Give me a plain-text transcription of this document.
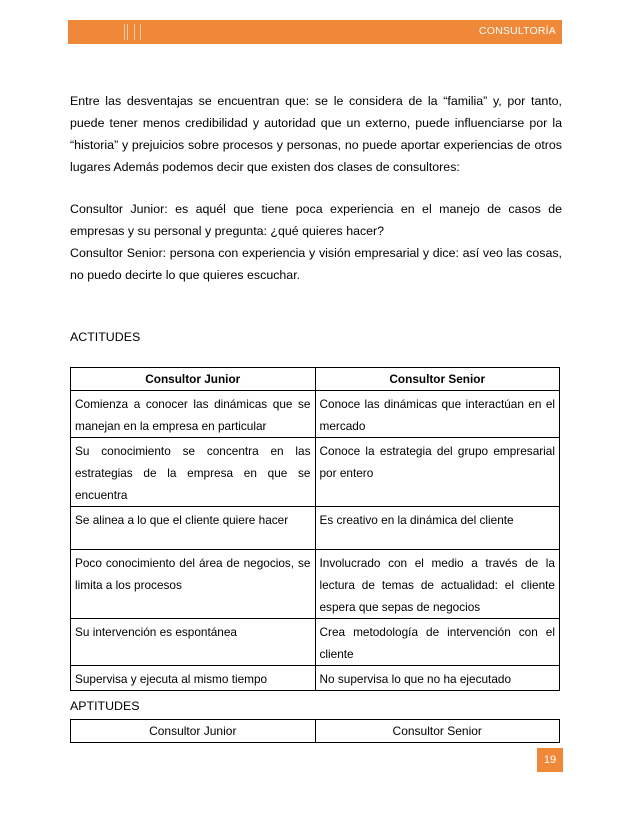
CONSULTORÍA

Entre las desventajas se encuentran que: se le considera de la “familia” y, por tanto, puede tener menos credibilidad y autoridad que un externo, puede influenciarse por la “historia” y prejuicios sobre procesos y personas, no puede aportar experiencias de otros lugares Además podemos decir que existen dos clases de consultores:

Consultor Junior: es aquél que tiene poca experiencia en el manejo de casos de empresas y su personal y pregunta: ¿qué quieres hacer?

Consultor Senior: persona con experiencia y visión empresarial y dice: así veo las cosas, no puedo decirte lo que quieres escuchar.

ACTITUDES
Consultor Junior	Consultor Senior
Comienza a conocer las dinámicas que se manejan en la empresa en particular	Conoce las dinámicas que interactúan en el mercado
Su conocimiento se concentra en las estrategias de la empresa en que se encuentra	Conoce la estrategia del grupo empresarial por entero
Se alinea a lo que el cliente quiere hacer	Es creativo en la dinámica del cliente
Poco conocimiento del área de negocios, se limita a los procesos	Involucrado con el medio a través de la lectura de temas de actualidad: el cliente espera que sepas de negocios
Su intervención es espontánea	Crea metodología de intervención con el cliente
Supervisa y ejecuta al mismo tiempo	No supervisa lo que no ha ejecutado
APTITUDES
Consultor Junior	Consultor Senior
19
